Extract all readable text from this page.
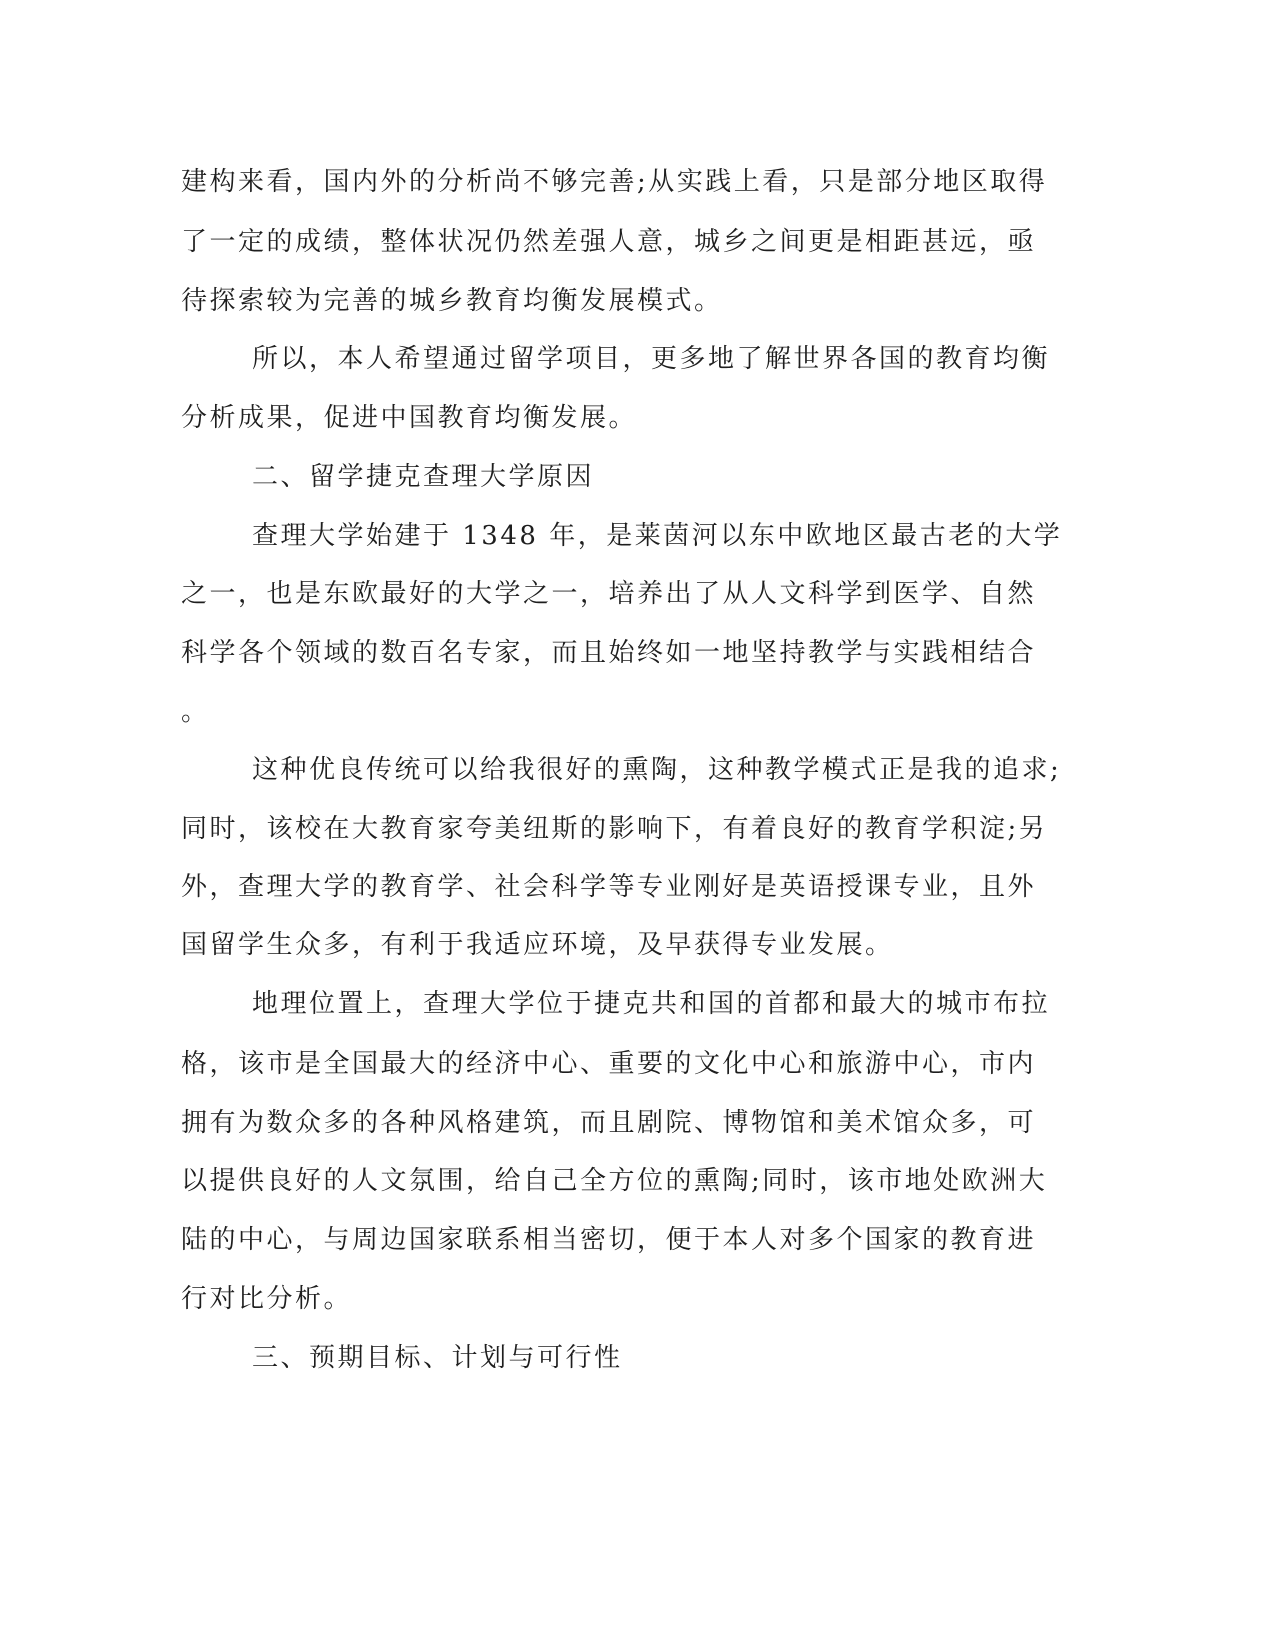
建构来看，国内外的分析尚不够完善;从实践上看，只是部分地区取得
了一定的成绩，整体状况仍然差强人意，城乡之间更是相距甚远，亟
待探索较为完善的城乡教育均衡发展模式。
所以，本人希望通过留学项目，更多地了解世界各国的教育均衡
分析成果，促进中国教育均衡发展。
二、留学捷克查理大学原因
查理大学始建于 1348 年，是莱茵河以东中欧地区最古老的大学
之一，也是东欧最好的大学之一，培养出了从人文科学到医学、自然
科学各个领域的数百名专家，而且始终如一地坚持教学与实践相结合
。
这种优良传统可以给我很好的熏陶，这种教学模式正是我的追求;
同时，该校在大教育家夸美纽斯的影响下，有着良好的教育学积淀;另
外，查理大学的教育学、社会科学等专业刚好是英语授课专业，且外
国留学生众多，有利于我适应环境，及早获得专业发展。
地理位置上，查理大学位于捷克共和国的首都和最大的城市布拉
格，该市是全国最大的经济中心、重要的文化中心和旅游中心，市内
拥有为数众多的各种风格建筑，而且剧院、博物馆和美术馆众多，可
以提供良好的人文氛围，给自己全方位的熏陶;同时，该市地处欧洲大
陆的中心，与周边国家联系相当密切，便于本人对多个国家的教育进
行对比分析。
三、预期目标、计划与可行性
